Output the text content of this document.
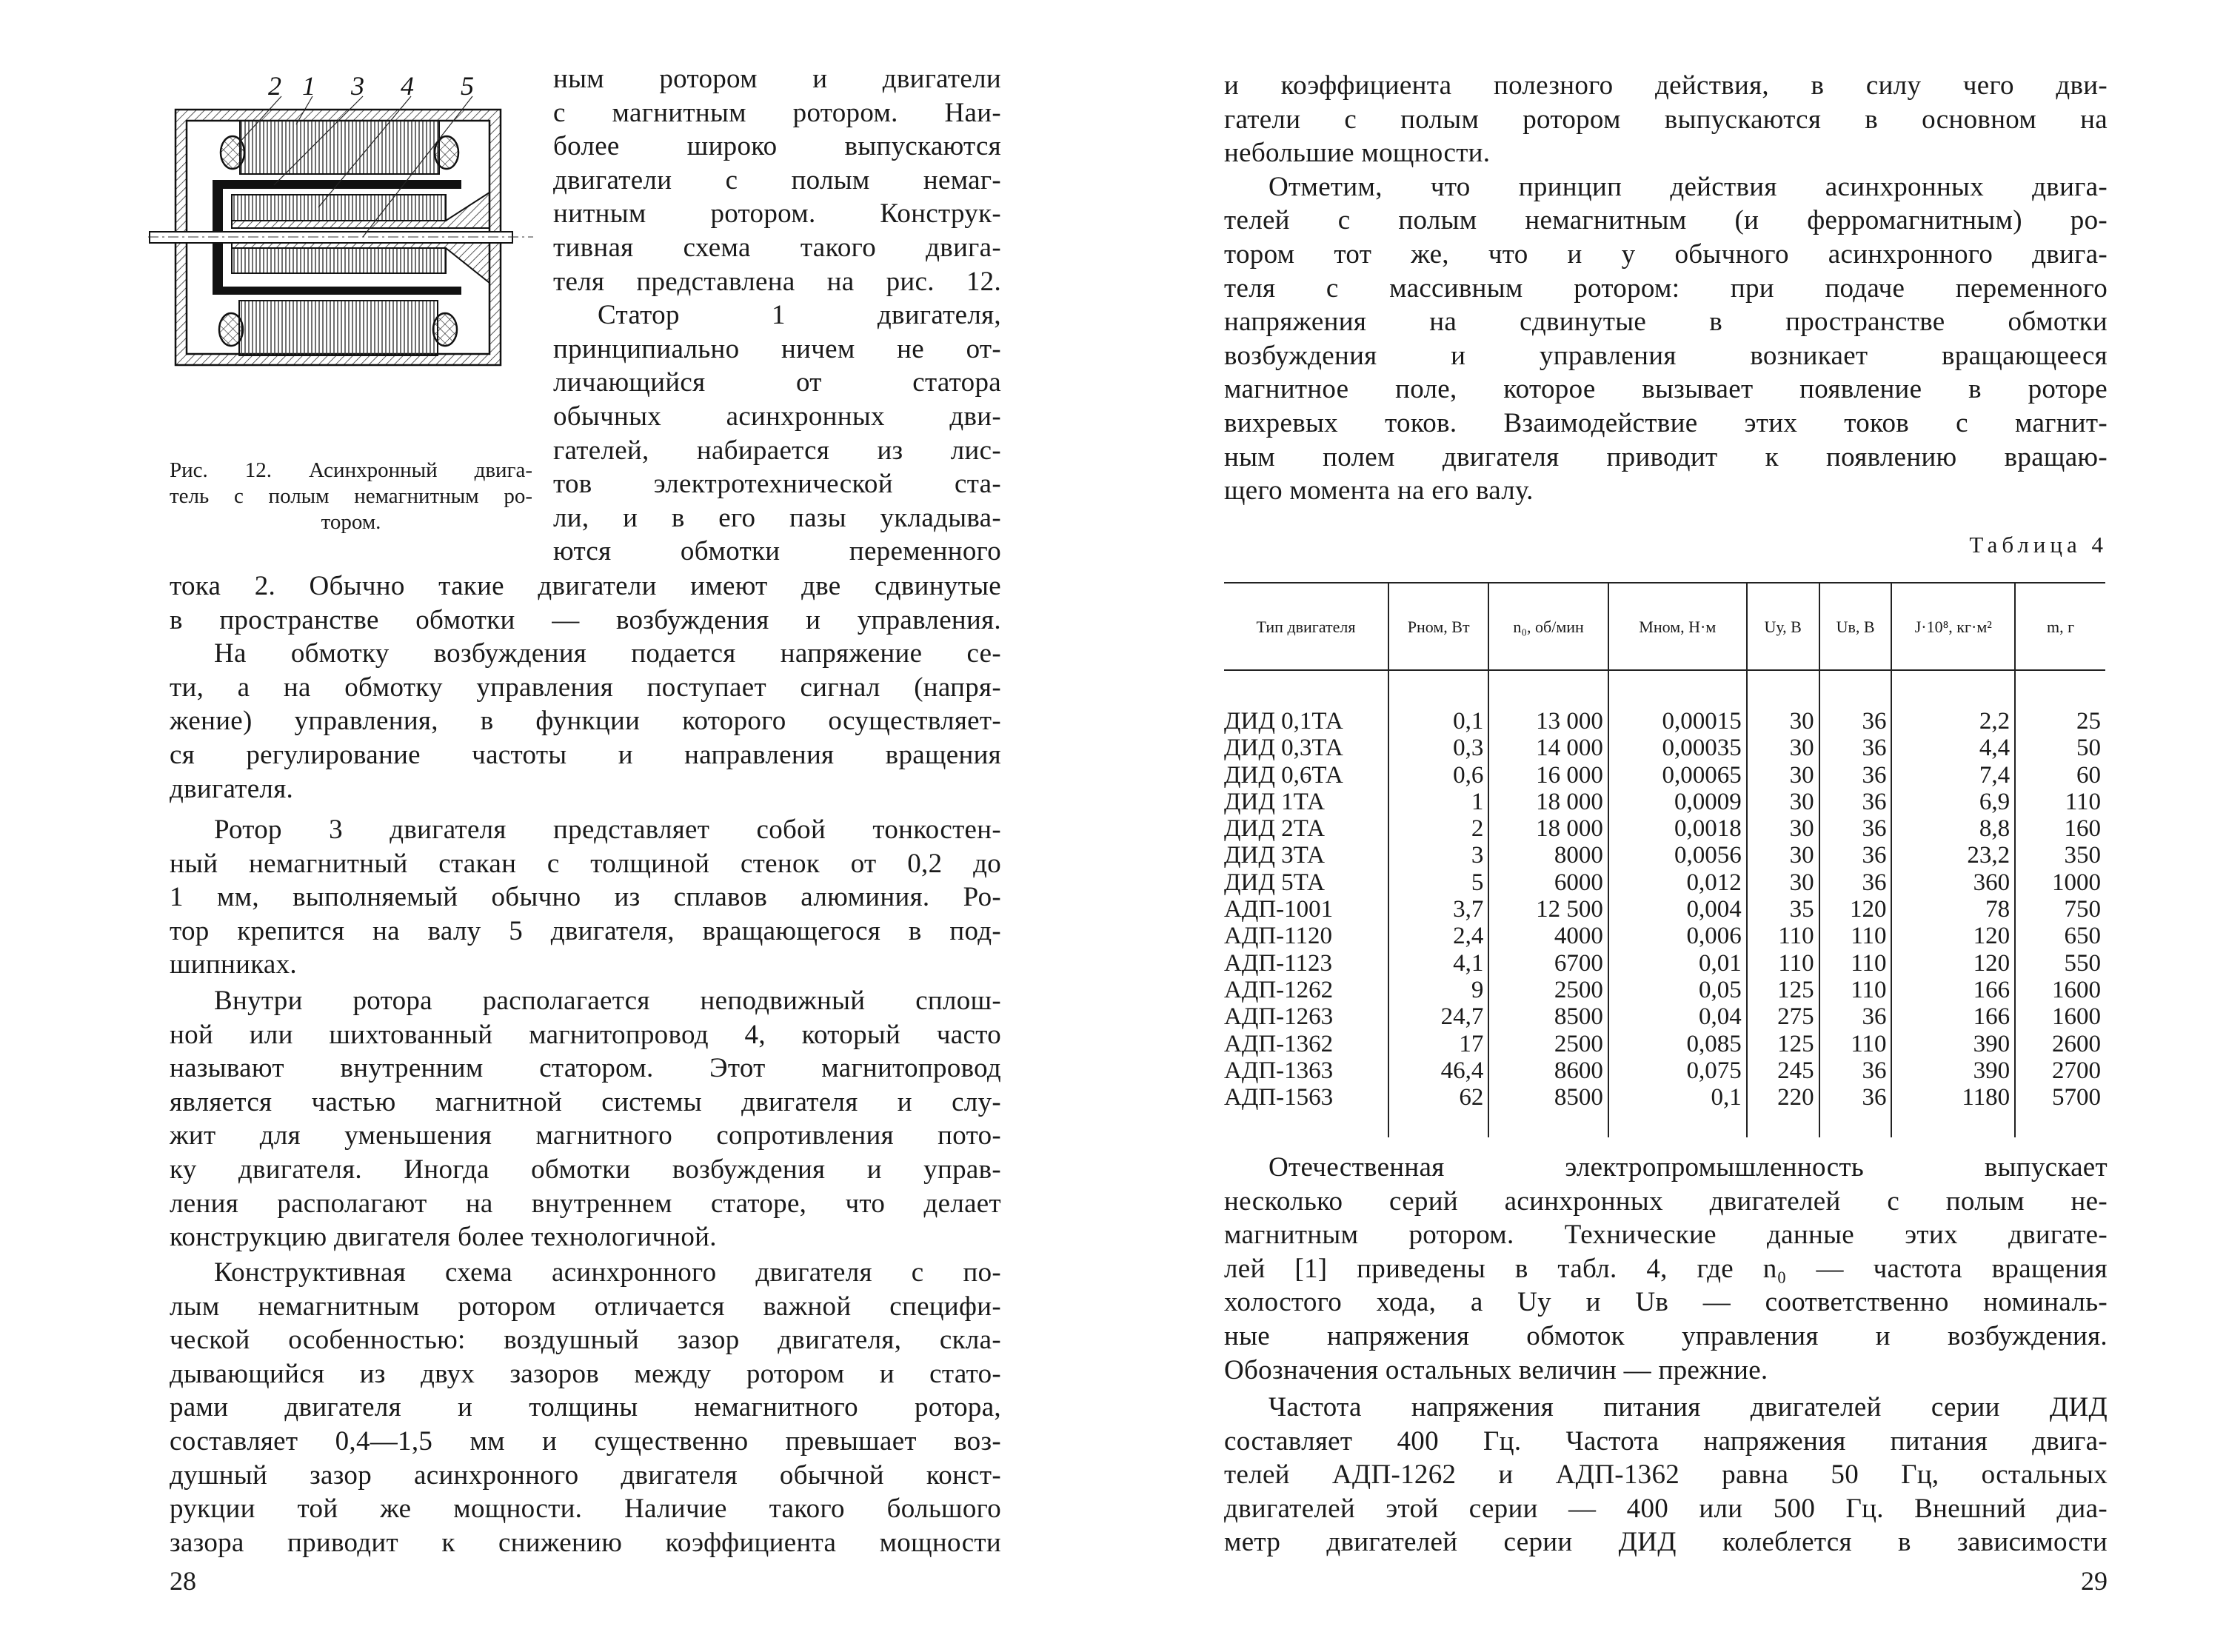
2 1 3 4 5
Рис. 12. Асинхронный двига-
тель с полым немагнитным ро-
тором.
ным ротором и двигатели
с магнитным ротором. Наи-
более широко выпускаются
двигатели с полым немаг-
нитным ротором. Конструк-
тивная схема такого двига-
теля представлена на рис. 12.
Статор 1 двигателя,
принципиально ничем не от-
личающийся от статора
обычных асинхронных дви-
гателей, набирается из лис-
тов электротехнической ста-
ли, и в его пазы укладыва-
ются обмотки переменного
тока 2. Обычно такие двигатели имеют две сдвинутые
в пространстве обмотки — возбуждения и управления.
На обмотку возбуждения подается напряжение се-
ти, а на обмотку управления поступает сигнал (напря-
жение) управления, в функции которого осуществляет-
ся регулирование частоты и направления вращения
двигателя.
Ротор 3 двигателя представляет собой тонкостен-
ный немагнитный стакан с толщиной стенок от 0,2 до
1 мм, выполняемый обычно из сплавов алюминия. Ро-
тор крепится на валу 5 двигателя, вращающегося в под-
шипниках.
Внутри ротора располагается неподвижный сплош-
ной или шихтованный магнитопровод 4, который часто
называют внутренним статором. Этот магнитопровод
является частью магнитной системы двигателя и слу-
жит для уменьшения магнитного сопротивления пото-
ку двигателя. Иногда обмотки возбуждения и управ-
ления располагают на внутреннем статоре, что делает
конструкцию двигателя более технологичной.
Конструктивная схема асинхронного двигателя с по-
лым немагнитным ротором отличается важной специфи-
ческой особенностью: воздушный зазор двигателя, скла-
дывающийся из двух зазоров между ротором и стато-
рами двигателя и толщины немагнитного ротора,
составляет 0,4—1,5 мм и существенно превышает воз-
душный зазор асинхронного двигателя обычной конст-
рукции той же мощности. Наличие такого большого
зазора приводит к снижению коэффициента мощности
28
и коэффициента полезного действия, в силу чего дви-
гатели с полым ротором выпускаются в основном на
небольшие мощности.
Отметим, что принцип действия асинхронных двига-
телей с полым немагнитным (и ферромагнитным) ро-
тором тот же, что и у обычного асинхронного двига-
теля с массивным ротором: при подаче переменного
напряжения на сдвинутые в пространстве обмотки
возбуждения и управления возникает вращающееся
магнитное поле, которое вызывает появление в роторе
вихревых токов. Взаимодействие этих токов с магнит-
ным полем двигателя приводит к появлению вращаю-
щего момента на его валу.
Таблица 4
Тип двигателя	Pном, Вт	n₀, об/мин	Mном, Н·м	Uу, В	Uв, В	J·10⁸, кг·м²	m, г
ДИД 0,1ТА	0,1	13 000	0,00015	30	36	2,2	25
ДИД 0,3ТА	0,3	14 000	0,00035	30	36	4,4	50
ДИД 0,6ТА	0,6	16 000	0,00065	30	36	7,4	60
ДИД 1ТА	1	18 000	0,0009	30	36	6,9	110
ДИД 2ТА	2	18 000	0,0018	30	36	8,8	160
ДИД 3ТА	3	8000	0,0056	30	36	23,2	350
ДИД 5ТА	5	6000	0,012	30	36	360	1000
АДП-1001	3,7	12 500	0,004	35	120	78	750
АДП-1120	2,4	4000	0,006	110	110	120	650
АДП-1123	4,1	6700	0,01	110	110	120	550
АДП-1262	9	2500	0,05	125	110	166	1600
АДП-1263	24,7	8500	0,04	275	36	166	1600
АДП-1362	17	2500	0,085	125	110	390	2600
АДП-1363	46,4	8600	0,075	245	36	390	2700
АДП-1563	62	8500	0,1	220	36	1180	5700
Отечественная электропромышленность выпускает
несколько серий асинхронных двигателей с полым не-
магнитным ротором. Технические данные этих двигате-
лей [1] приведены в табл. 4, где n₀ — частота вращения
холостого хода, а Uу и Uв — соответственно номиналь-
ные напряжения обмоток управления и возбуждения.
Обозначения остальных величин — прежние.
Частота напряжения питания двигателей серии ДИД
составляет 400 Гц. Частота напряжения питания двига-
телей АДП-1262 и АДП-1362 равна 50 Гц, остальных
двигателей этой серии — 400 или 500 Гц. Внешний диа-
метр двигателей серии ДИД колеблется в зависимости
29
